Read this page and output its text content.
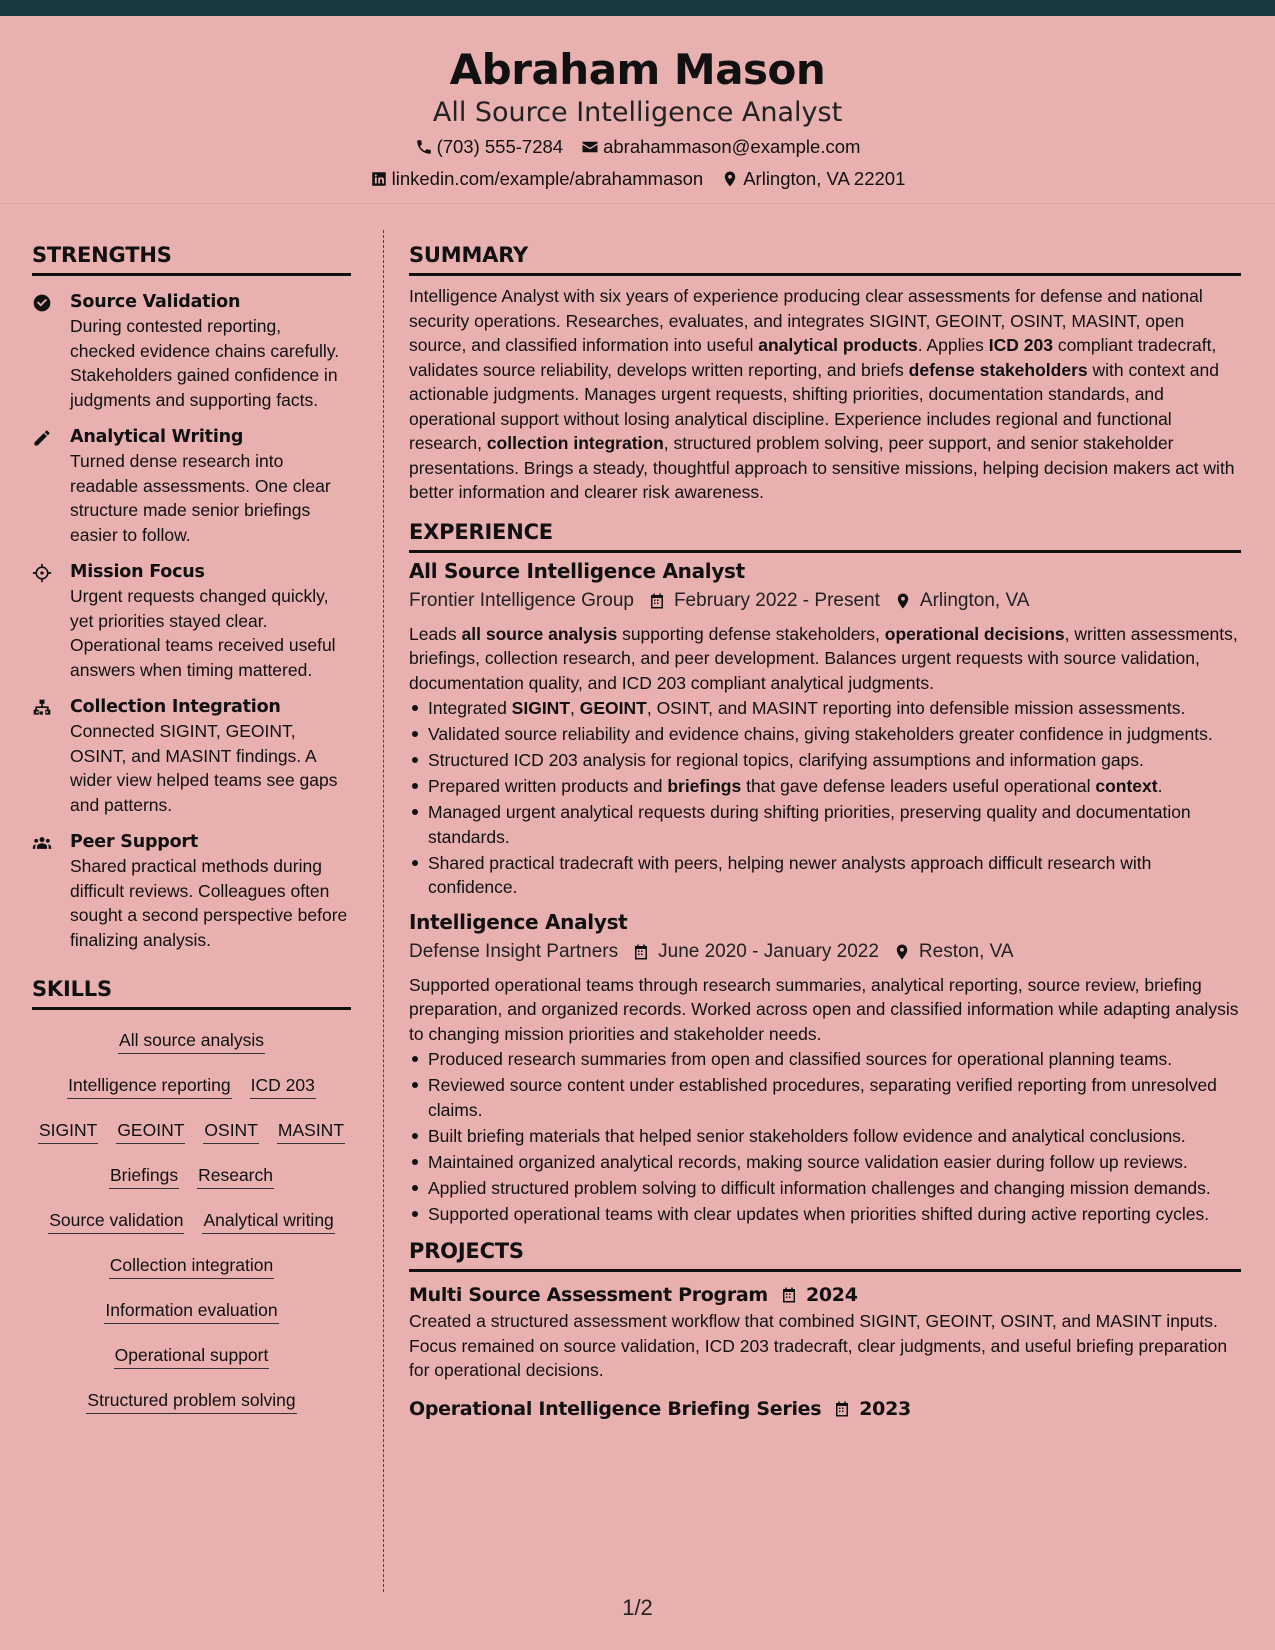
Abraham Mason
All Source Intelligence Analyst
(703) 555-7284 abrahammason@example.com
linkedin.com/example/abrahammason Arlington, VA 22201
STRENGTHS
Source Validation
During contested reporting, checked evidence chains carefully. Stakeholders gained confidence in judgments and supporting facts.
Analytical Writing
Turned dense research into readable assessments. One clear structure made senior briefings easier to follow.
Mission Focus
Urgent requests changed quickly, yet priorities stayed clear. Operational teams received useful answers when timing mattered.
Collection Integration
Connected SIGINT, GEOINT, OSINT, and MASINT findings. A wider view helped teams see gaps and patterns.
Peer Support
Shared practical methods during difficult reviews. Colleagues often sought a second perspective before finalizing analysis.
SKILLS
All source analysis
Intelligence reporting ICD 203
SIGINT GEOINT OSINT MASINT
Briefings Research
Source validation Analytical writing
Collection integration
Information evaluation
Operational support
Structured problem solving
SUMMARY

Intelligence Analyst with six years of experience producing clear assessments for defense and national security operations. Researches, evaluates, and integrates SIGINT, GEOINT, OSINT, MASINT, open source, and classified information into useful analytical products. Applies ICD 203 compliant tradecraft, validates source reliability, develops written reporting, and briefs defense stakeholders with context and actionable judgments. Manages urgent requests, shifting priorities, documentation standards, and operational support without losing analytical discipline. Experience includes regional and functional research, collection integration, structured problem solving, peer support, and senior stakeholder presentations. Brings a steady, thoughtful approach to sensitive missions, helping decision makers act with better information and clearer risk awareness.

EXPERIENCE
All Source Intelligence Analyst
Frontier Intelligence Group February 2022 - Present Arlington, VA

Leads all source analysis supporting defense stakeholders, operational decisions, written assessments, briefings, collection research, and peer development. Balances urgent requests with source validation, documentation quality, and ICD 203 compliant analytical judgments.

Integrated SIGINT, GEOINT, OSINT, and MASINT reporting into defensible mission assessments.
Validated source reliability and evidence chains, giving stakeholders greater confidence in judgments.
Structured ICD 203 analysis for regional topics, clarifying assumptions and information gaps.
Prepared written products and briefings that gave defense leaders useful operational context.
Managed urgent analytical requests during shifting priorities, preserving quality and documentation standards.
Shared practical tradecraft with peers, helping newer analysts approach difficult research with confidence.
Intelligence Analyst
Defense Insight Partners June 2020 - January 2022 Reston, VA

Supported operational teams through research summaries, analytical reporting, source review, briefing preparation, and organized records. Worked across open and classified information while adapting analysis to changing mission priorities and stakeholder needs.

Produced research summaries from open and classified sources for operational planning teams.
Reviewed source content under established procedures, separating verified reporting from unresolved claims.
Built briefing materials that helped senior stakeholders follow evidence and analytical conclusions.
Maintained organized analytical records, making source validation easier during follow up reviews.
Applied structured problem solving to difficult information challenges and changing mission demands.
Supported operational teams with clear updates when priorities shifted during active reporting cycles.
PROJECTS
Multi Source Assessment Program 2024

Created a structured assessment workflow that combined SIGINT, GEOINT, OSINT, and MASINT inputs. Focus remained on source validation, ICD 203 tradecraft, clear judgments, and useful briefing preparation for operational decisions.

Operational Intelligence Briefing Series 2023
1/2
